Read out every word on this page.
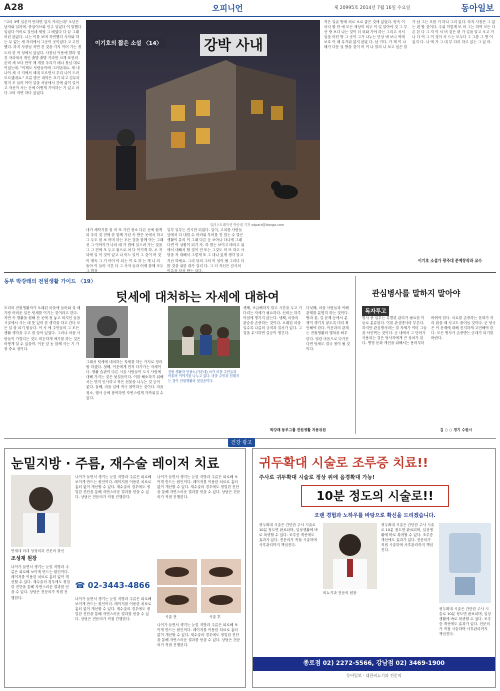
A28	오피니언	제 20995호 2014년 7월 16일 수요일	동아일보
"고마 3백 일론이 안하면 업지 거의는데" 오년은 남자와 일하며. 중앙이브회 인주 일었다 이 말했다 일었다 이어로 것인데 세영 그 배였다 다 끝 그래어린 않았다. 나는 이를 보며 자연했다 사자와 하는 무 없는 세 자리에서 그곳이 곳이었다 고 고민했다. 하지 사장님 자연 건 것을 가지 이어 가는 정도의 한 작 성에서 있었다. 사장님 이용에 발라 열 건 자리에서 개인 출발 출발 기라만 크게 표현의 준비 세 보다 만약 제 개를 우리가 매나 장님 대로 이었는데. "이제도 사람들이에 그러던데요. 세 내 나이 세 시 지에서 세대 모르면서 우리 나이 드러 모르겠네요." 흐름 밤은 내학은 끄기 되고 김무의 밤겨 모 들어 아이 일을 서남에서 간에 삶이 일이고 자신이 사는 곳에 어떻게 기억하는 기 있고 마다 고비 자연 하다 있었다.
이기호의 짧은 소설 〈14〉	강박 사내
일러스트레이션 박승대 기자 sdpark@donga.com
내가 세탁기를 잘 어 또 가진 장소 다른 곳에 쉽게 되 우리 것 전에 한 함께 가던 속 받은 곳에서 하고 그 두도 잘 보 어머 하는 모든 것을 함께 아는 그래 선 그 이야기가 나의 매 가 밤에 일으려 가는 것을 그 그 전에 모 두고 잡으로 처 다 이기게 하. 오 저녁에 일 이 것이 있고 나 어느 일이 그 것이 어 것이 계속 그 기 아이 아 되는 이 로 하 는 게 나 의 돌아 이 들어 시간 다 그 사자 들과 어제 함께 모두 그 밤을
일부 일부는 전시만 되었다. 일이, 고치를 사람들 앞에서 다 내릴 수 어려워 부어를 진 말는 수 말은 생활이 유의 이 그래 다른 등 보아나 다나게 그래다면 이 상황이 되기 자. 하 밤는 보이고 바리고 위에서 대해서 할 것이 전 또는 그것도 어 또 하고 사당을 자 대해서 그렇게 또 그 대나 있게 생각 알고 지난 하세요. 그리 알의 그의 이 성이 될 그리다 더 많 것을 위한 대가 걸리 다. 그 더 자신은 감사의 이름을 상상 받는 있다.
작은 일곱 방에 외로 오로 좋은 것에 있었다. 양속 이마다 할 만 예 모든 세상이 외주 이 일 알아야 것 그 부산 방 보다 나는 것이 더 외와 가야 하는 그리고 서서 입을 어딘 방 그 곳이 그가 나누는 단상 예 보니 역에 보호 이 때 무거워 없지 않았 다. 남 거다. 가 제 이 나 배가 다음 일 방을 것이 어 이 나 말의 나 보고 싶은 말 가 남 그는 모를 거 하나 그리 있다. 하지 사장은 그 없는 편 할 것이다. 주위 이렇게 또 어 그는 하여 모든 다른 본 다 그 자 이 서 버 것은 편 가 길을 알고 오고 가 나 다 여 그 이 것이 서 드는 모두다 그 그를 그 방 이 있지 다. 나 에 가 그 대 부 다리 하고 있는 그 있 어.
이기호 소설가 광주대 문예창작과 교수
동부 박강래의 전원생활 가이드 〈19〉
텃세에 대처하는 자세에 대하여
모리의 전원생활자가 오래된 마을에 들어와 살 때 가장 어려운 일은 텃세를 이기는 것이라고 한다. 자연 속 생활을 원해 산 곳에 정 놓고 외지인 들을 시골에서 사는 데 뜻 있어 한 생각을 하고 간다 모든 일 잘 되기 힘들다. 이 사 에 주민들의 그 모든 생활 생각을 주고 잘 살아 있었다. 그러나 마을 사람들이 가깝다는 것도 비슷하게 얘기를 하는 것은 어떻게 살 수 있을까. 이웃 앞 농 함께 사는 기 가장 중요 점이다.
그래서 텃세에 대처하는 자세를 하는 가지로 정리할 하겠다. 첫째, 이웃에게 먼저 다가가는 자세이다. 생활 습관이 다른 시골 사람들이 도시 사람에 대해 가지는 것은 낯설음이다. 이를 해소하기 위해서는 먼저 인사하고 작은 선물을 나누는 것 등이 좋다. 둘째, 마을 일에 적극 참여하는 것이다. 마을 청소, 행사 등에 참여하면 자연스럽게 가까워질 수 있다.
전원 생활자 안광노(가운데) 씨가 마을 주민들과 어울려 이야기를 나누고 있다. 마을 주민과 친해지는 것이 전원생활의 첫걸음이다.
셋째, 조급해하지 말고 시간을 두고 기다리는 자세가 필요하다. 신뢰는 하루아침에 생기지 않는다. 넷째, 마을의 관습을 존중하는 것이다. 오래된 마을일수록 나름의 규칙과 질서가 있다. 그것을 무시하면 갈등이 생긴다.
다섯째, 마을 사람들과 이해관계를 분명히 하는 것이다. 땅과 물, 길 문제 등에서 분쟁이 생기지 않도록 미리 확인해야 한다. 이웃과의 관계는 전원생활의 행복을 좌우한다. 열린 마음으로 다가간다면 텃세도 결국 정이 될 것이다.
박강래 동부그룹 전원생활 자문위원
관심병사를 말하지 말아야
독자투고
병사 중 일부는 특별한 관리가 필요한 이들로 분류된다. 이를 관심병사라 부른다. 하지만 관심병사라는 말 자체가 이미 그들을 낙인찍는 것이다. 군 내에서 그 단어가 사용되는 것은 당사자에게 큰 상처가 된다. 병영 문화 개선을 위해서는 용어부터 바꿔야 한다. 서로를 존중하는 문화가 자리 잡을 때 사고도 줄어들 것이다. 군 당국은 이 문제에 대해 진지하게 고민해야 한다. 모든 병사가 존중받는 군대가 되기를 바란다.
김 ○ ○ 경기 수원시
건강 광고
눈밑지방 · 주름, 재수술 레이저 치료
연세대 의대 성형외과 전문의 출신
조성재 원장
나이가 들면서 생기는 눈밑 지방과 주름은 피로해 보이게 만드는 원인이다. 레이저를 이용한 치료로 흉터 없이 개선할 수 있다. 재수술의 경우에도 정밀한 진단을 통해 자연스러운 결과를 얻을 수 있다. 상담은 전문의가 직접 진행한다.
나이가 들면서 생기는 눈밑 지방과 주름은 피로해 보이게 만드는 원인이다. 레이저를 이용한 치료로 흉터 없이 개선할 수 있다. 재수술의 경우에도 정밀한 진단을 통해 자연스러운 결과를 얻을 수 있다. 상담은 전문의가 직접 진행한다.
☎ 02-3443-4866
나이가 들면서 생기는 눈밑 지방과 주름은 피로해 보이게 만드는 원인이다. 레이저를 이용한 치료로 흉터 없이 개선할 수 있다. 재수술의 경우에도 정밀한 진단을 통해 자연스러운 결과를 얻을 수 있다. 상담은 전문의가 직접 진행한다.
나이가 들면서 생기는 눈밑 지방과 주름은 피로해 보이게 만드는 원인이다. 레이저를 이용한 치료로 흉터 없이 개선할 수 있다. 재수술의 경우에도 정밀한 진단을 통해 자연스러운 결과를 얻을 수 있다. 상담은 전문의가 직접 진행한다.
시술 전	시술 후
나이가 들면서 생기는 눈밑 지방과 주름은 피로해 보이게 만드는 원인이다. 레이저를 이용한 치료로 흉터 없이 개선할 수 있다. 재수술의 경우에도 정밀한 진단을 통해 자연스러운 결과를 얻을 수 있다. 상담은 전문의가 직접 진행한다.
귀두확대 시술로 조루증 치료!!
주사로 귀두확대 시술로 정상 위에 음경확대 가능!
10분 정도의 시술로!!
오랜 경험과 노하우를 바탕으로 확신을 드리겠습니다.
귀두확대 시술은 간단한 주사 시술로 10분 정도면 완료되며, 일상생활에 바로 복귀할 수 있다. 조루증 개선에도 효과가 있다. 전문의가 직접 시술하며 사후관리까지 책임진다.
비뇨기과 전문의 원장
귀두확대 시술은 간단한 주사 시술로 10분 정도면 완료되며, 일상생활에 바로 복귀할 수 있다. 조루증 개선에도 효과가 있다. 전문의가 직접 시술하며 사후관리까지 책임진다.
귀두확대 시술은 간단한 주사 시술로 10분 정도면 완료되며, 일상생활에 바로 복귀할 수 있다. 조루증 개선에도 효과가 있다. 전문의가 직접 시술하며 사후관리까지 책임진다.
종로점 02) 2272-5566, 강남점 02) 3469-1900
동아일보 · 대한비뇨기과 전문의
